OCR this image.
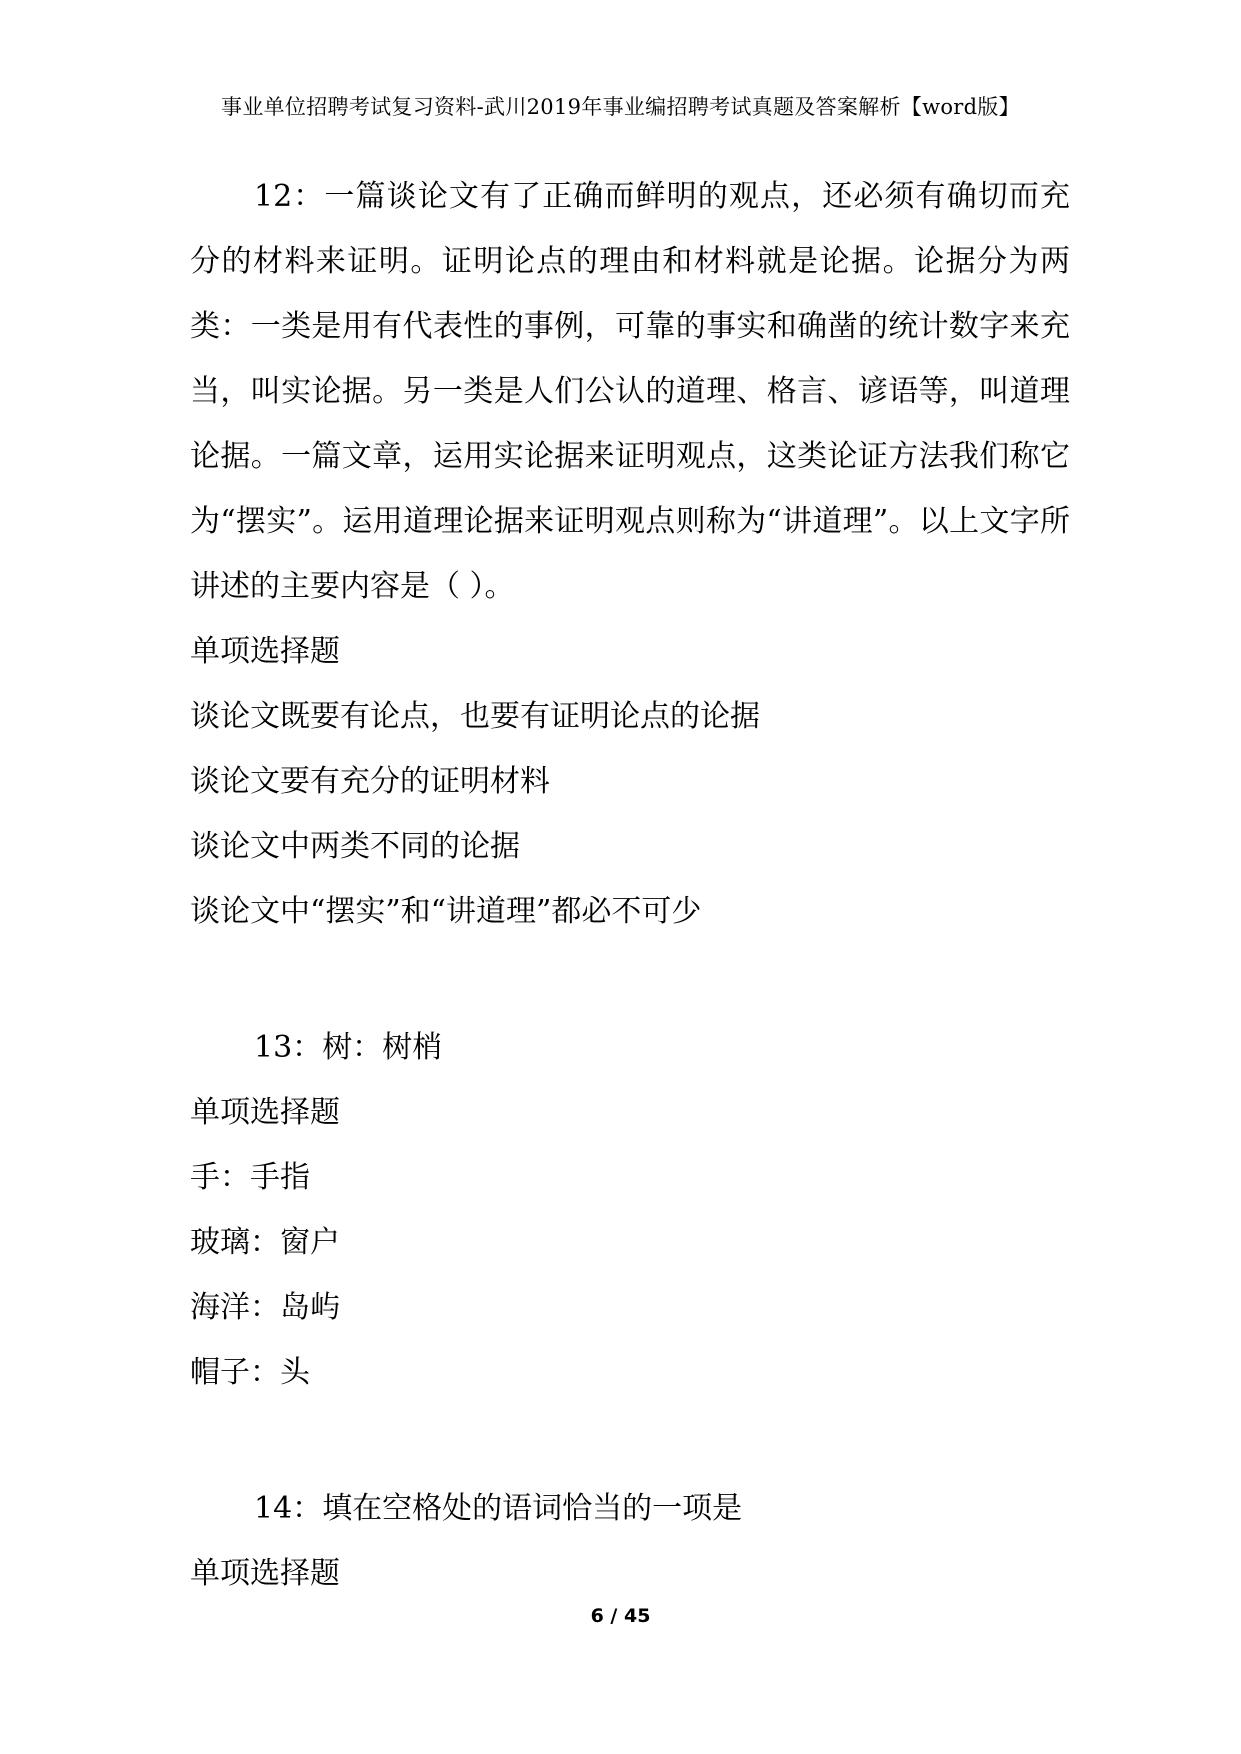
事业单位招聘考试复习资料-武川2019年事业编招聘考试真题及答案解析【word版】

12：一篇谈论文有了正确而鲜明的观点，还必须有确切而充分的材料来证明。证明论点的理由和材料就是论据。论据分为两类：一类是用有代表性的事例，可靠的事实和确凿的统计数字来充当，叫实论据。另一类是人们公认的道理、格言、谚语等，叫道理论据。一篇文章，运用实论据来证明观点，这类论证方法我们称它为“摆实”。运用道理论据来证明观点则称为“讲道理”。以上文字所讲述的主要内容是（ ）。

单项选择题

谈论文既要有论点，也要有证明论点的论据

谈论文要有充分的证明材料

谈论文中两类不同的论据

谈论文中“摆实”和“讲道理”都必不可少

13：树：树梢

单项选择题

手：手指

玻璃：窗户

海洋：岛屿

帽子：头

14：填在空格处的语词恰当的一项是

单项选择题

6 / 45
